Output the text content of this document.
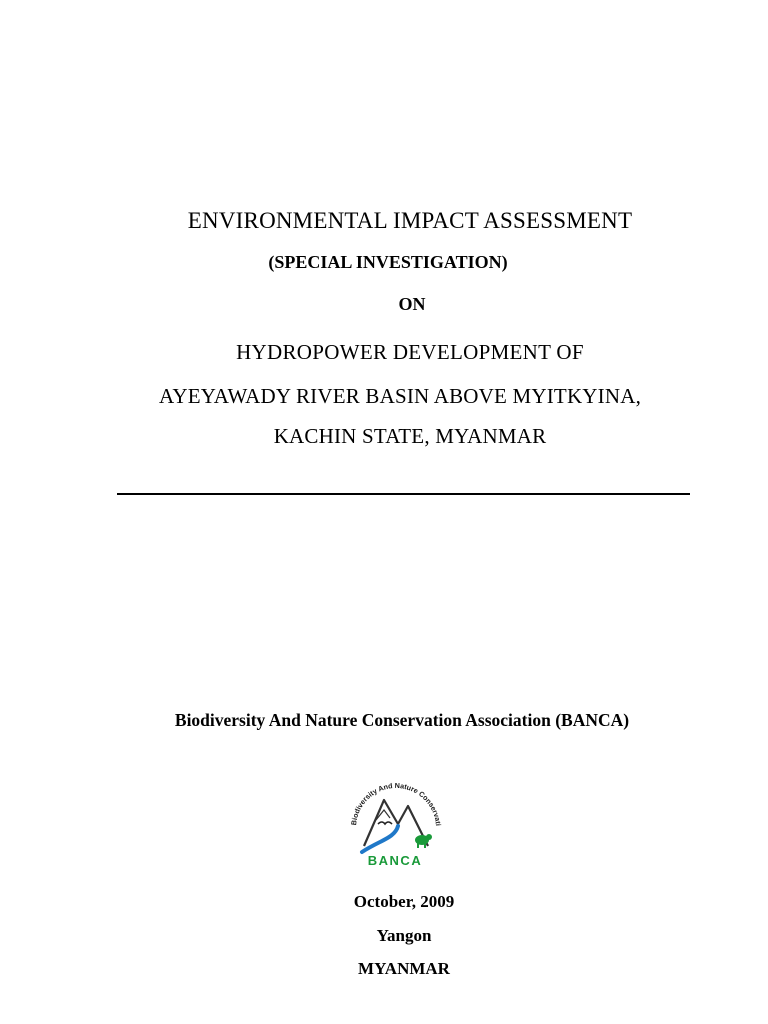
ENVIRONMENTAL IMPACT ASSESSMENT
(SPECIAL INVESTIGATION)
ON
HYDROPOWER DEVELOPMENT OF
AYEYAWADY RIVER BASIN ABOVE MYITKYINA,
KACHIN STATE, MYANMAR
Biodiversity And Nature Conservation Association (BANCA)
Biodiversity And Nature Conservati
BANCA
October, 2009
Yangon
MYANMAR
